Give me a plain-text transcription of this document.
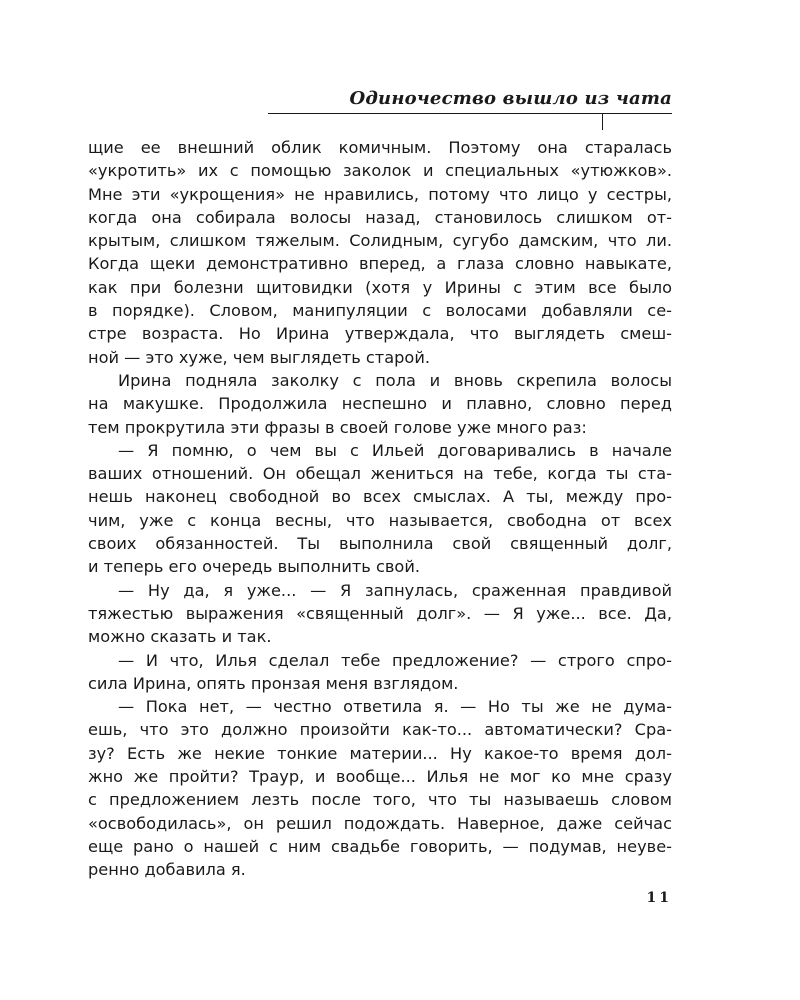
Одиночество вышло из чата

щие ее внешний облик комичным. Поэтому она старалась

«укротить» их с помощью заколок и специальных «утюжков».

Мне эти «укрощения» не нравились, потому что лицо у сестры,

когда она собирала волосы назад, становилось слишком от-

крытым, слишком тяжелым. Солидным, сугубо дамским, что ли.

Когда щеки демонстративно вперед, а глаза словно навыкате,

как при болезни щитовидки (хотя у Ирины с этим все было

в порядке). Словом, манипуляции с волосами добавляли се-

стре возраста. Но Ирина утверждала, что выглядеть смеш-

ной — это хуже, чем выглядеть старой.

Ирина подняла заколку с пола и вновь скрепила волосы

на макушке. Продолжила неспешно и плавно, словно перед

тем прокрутила эти фразы в своей голове уже много раз:

— Я помню, о чем вы с Ильей договаривались в начале

ваших отношений. Он обещал жениться на тебе, когда ты ста-

нешь наконец свободной во всех смыслах. А ты, между про-

чим, уже с конца весны, что называется, свободна от всех

своих обязанностей. Ты выполнила свой священный долг,

и теперь его очередь выполнить свой.

— Ну да, я уже... — Я запнулась, сраженная правдивой

тяжестью выражения «священный долг». — Я уже... все. Да,

можно сказать и так.

— И что, Илья сделал тебе предложение? — строго спро-

сила Ирина, опять пронзая меня взглядом.

— Пока нет, — честно ответила я. — Но ты же не дума-

ешь, что это должно произойти как-то... автоматически? Сра-

зу? Есть же некие тонкие материи... Ну какое-то время дол-

жно же пройти? Траур, и вообще... Илья не мог ко мне сразу

с предложением лезть после того, что ты называешь словом

«освободилась», он решил подождать. Наверное, даже сейчас

еще рано о нашей с ним свадьбе говорить, — подумав, неуве-

ренно добавила я.

11
